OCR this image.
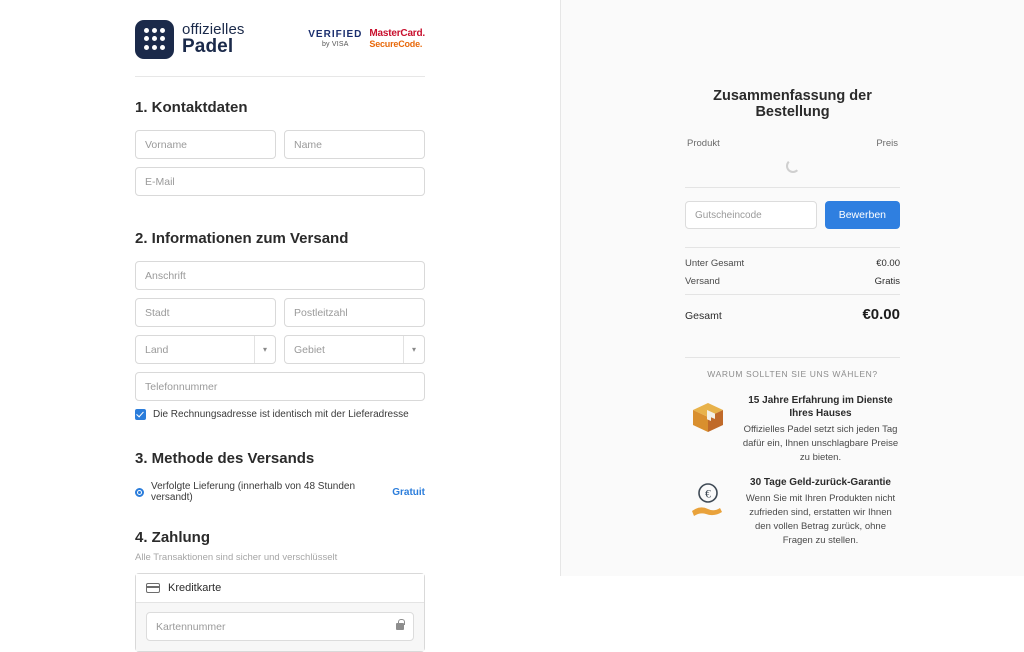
offizielles
Padel
VERIFIED
by VISA
MasterCard.
SecureCode.
1. Kontaktdaten
Vorname	Name
E-Mail
2. Informationen zum Versand
Anschrift
Stadt	Postleitzahl
Land	▾	Gebiet	▾
Telefonnummer
Die Rechnungsadresse ist identisch mit der Lieferadresse
3. Methode des Versands
Verfolgte Lieferung (innerhalb von 48 Stunden versandt)	Gratuit
4. Zahlung
Alle Transaktionen sind sicher und verschlüsselt
Kreditkarte
Kartennummer
Zusammenfassung der Bestellung
Produkt	Preis
Gutscheincode	Bewerben
Unter Gesamt	€0.00
Versand	Gratis
Gesamt	€0.00
WARUM SOLLTEN SIE UNS WÄHLEN?
15 Jahre Erfahrung im Dienste Ihres Hauses
Offizielles Padel setzt sich jeden Tag dafür ein, Ihnen unschlagbare Preise zu bieten.
€
30 Tage Geld-zurück-Garantie
Wenn Sie mit Ihren Produkten nicht zufrieden sind, erstatten wir Ihnen den vollen Betrag zurück, ohne Fragen zu stellen.
